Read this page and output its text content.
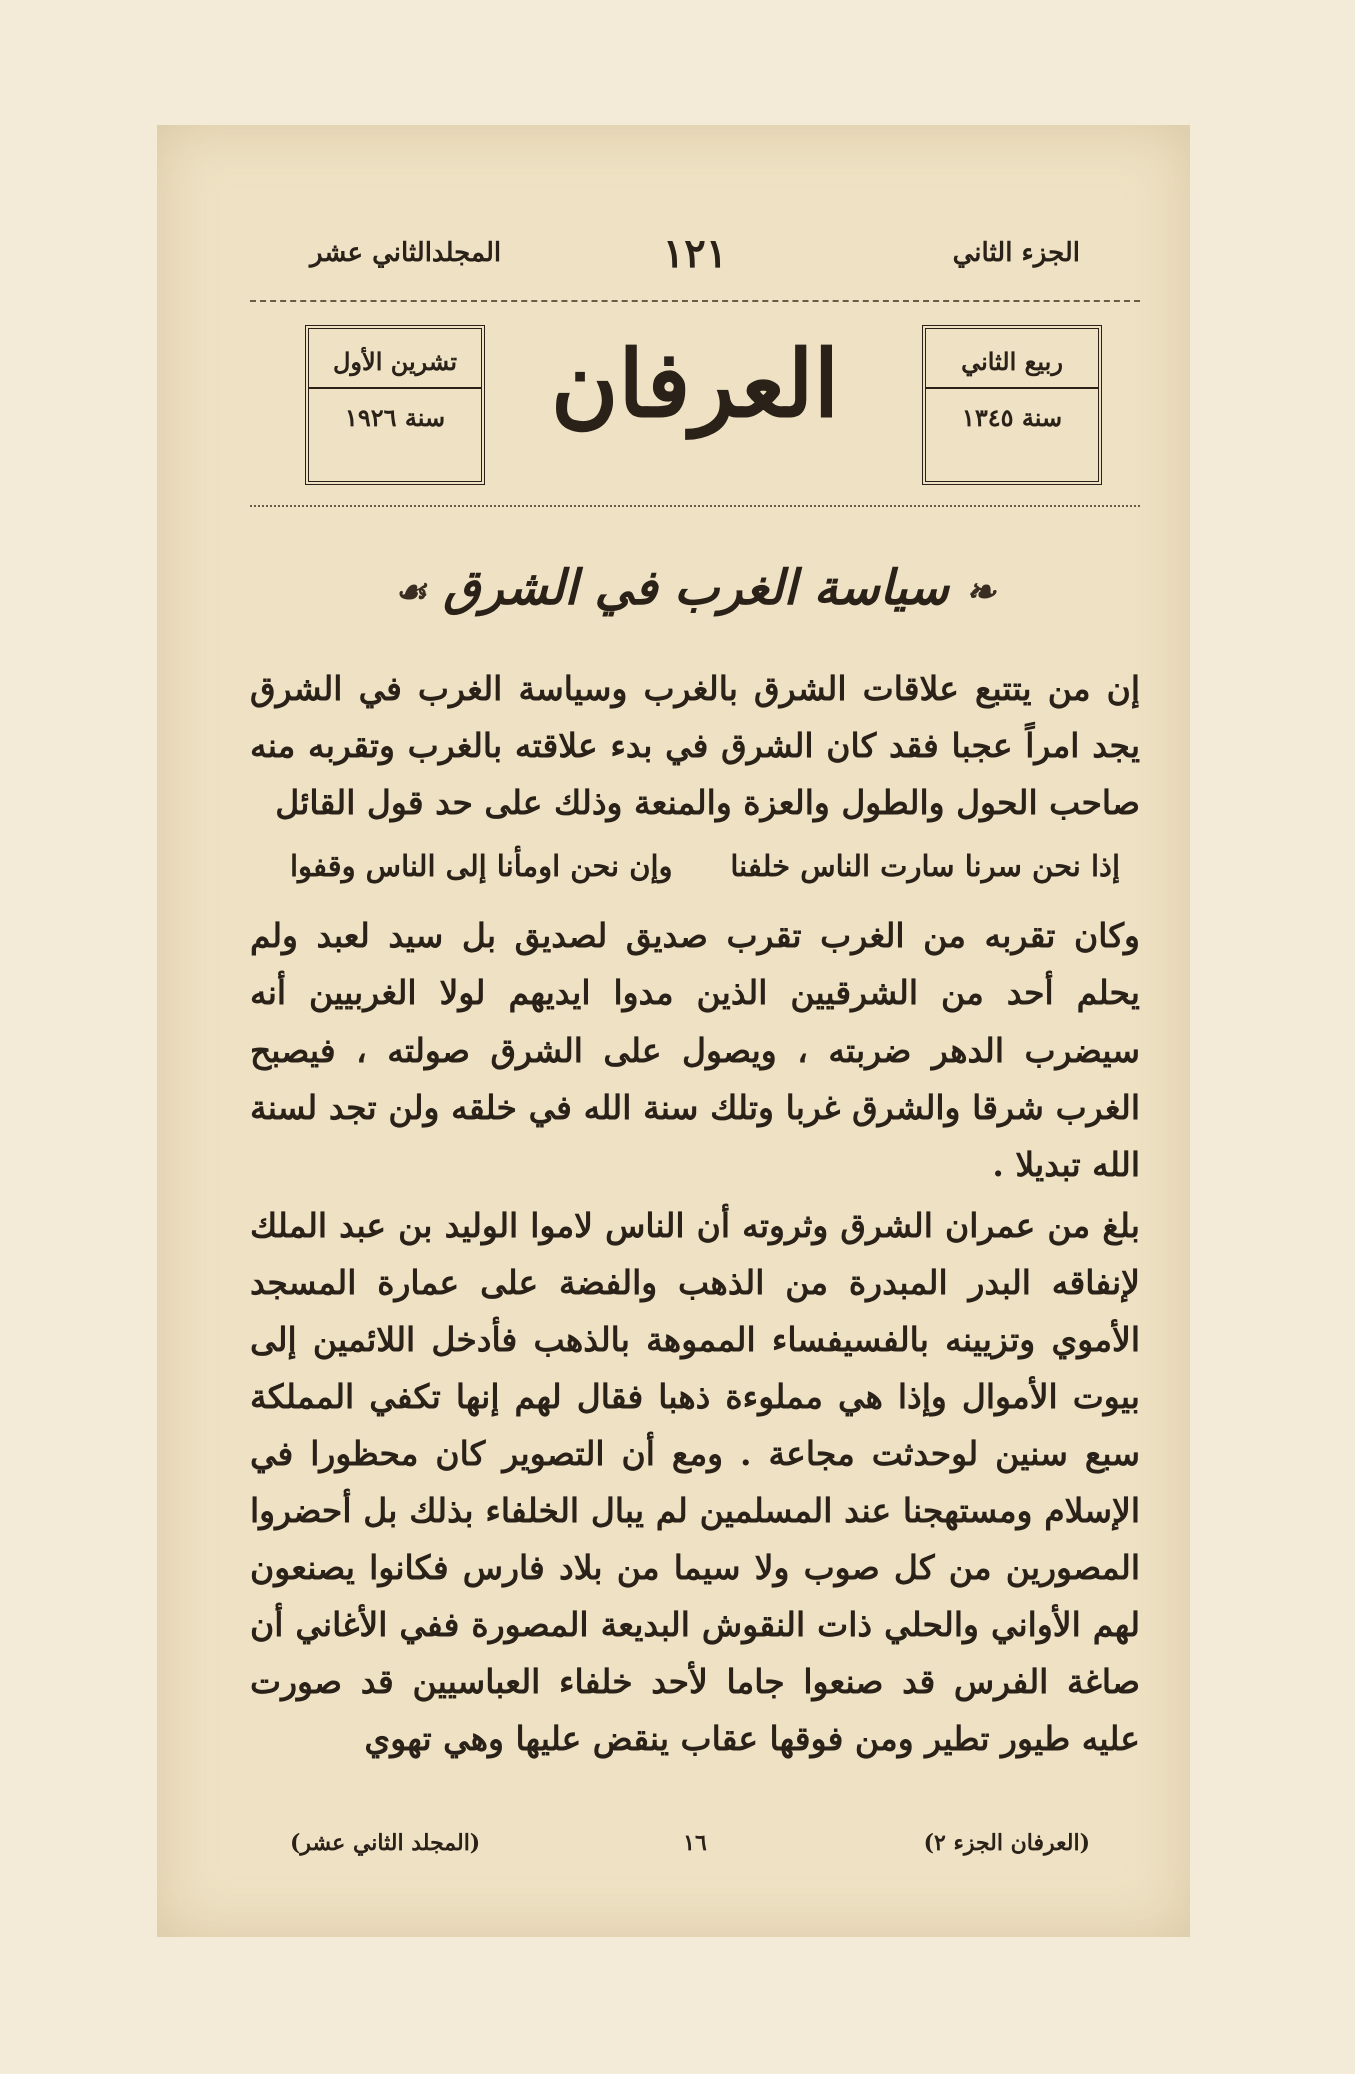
الجزء الثاني
١٢١
المجلدالثاني عشر
ربيع الثاني
سنة ١٣٤٥
العرفان
تشرين الأول
سنة ١٩٢٦
❧ سياسة الغرب في الشرق ☙

إن من يتتبع علاقات الشرق بالغرب وسياسة الغرب في الشرق يجد امراً عجبا فقد كان الشرق في بدء علاقته بالغرب وتقربه منه صاحب الحول والطول والعزة والمنعة وذلك على حد قول القائل

إذا نحن سرنا سارت الناس خلفنا
وإن نحن اومأنا إلى الناس وقفوا

وكان تقربه من الغرب تقرب صديق لصديق بل سيد لعبد ولم يحلم أحد من الشرقيين الذين مدوا ايديهم لولا الغربيين أنه سيضرب الدهر ضربته ، ويصول على الشرق صولته ، فيصبح الغرب شرقا والشرق غربا وتلك سنة الله في خلقه ولن تجد لسنة الله تبديلا .

بلغ من عمران الشرق وثروته أن الناس لاموا الوليد بن عبد الملك لإنفاقه البدر المبدرة من الذهب والفضة على عمارة المسجد الأموي وتزيينه بالفسيفساء المموهة بالذهب فأدخل اللائمين إلى بيوت الأموال وإذا هي مملوءة ذهبا فقال لهم إنها تكفي المملكة سبع سنين لوحدثت مجاعة . ومع أن التصوير كان محظورا في الإسلام ومستهجنا عند المسلمين لم يبال الخلفاء بذلك بل أحضروا المصورين من كل صوب ولا سيما من بلاد فارس فكانوا يصنعون لهم الأواني والحلي ذات النقوش البديعة المصورة ففي الأغاني أن صاغة الفرس قد صنعوا جاما لأحد خلفاء العباسيين قد صورت عليه طيور تطير ومن فوقها عقاب ينقض عليها وهي تهوي

(العرفان الجزء ٢)
١٦
(المجلد الثاني عشر)
